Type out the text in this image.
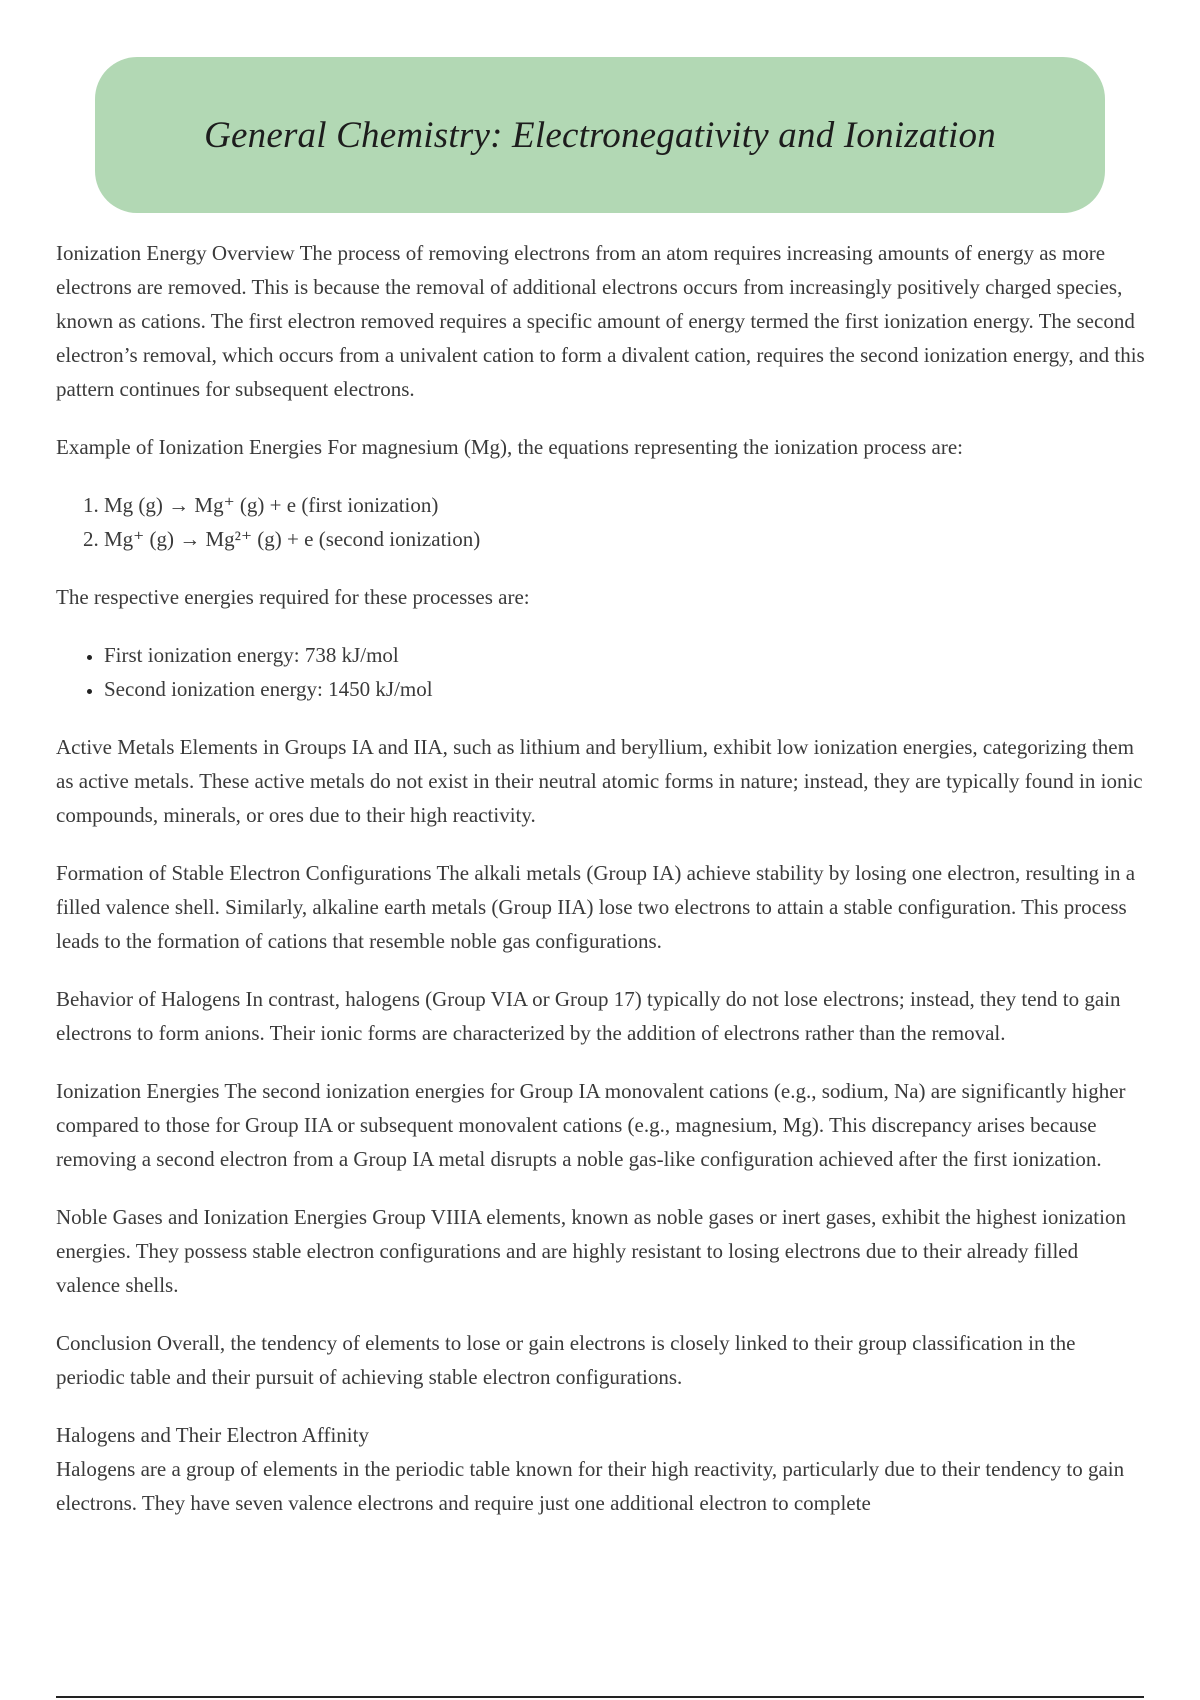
General Chemistry: Electronegativity and Ionization

Ionization Energy Overview The process of removing electrons from an atom requires increasing amounts of energy as more electrons are removed. This is because the removal of additional electrons occurs from increasingly positively charged species, known as cations. The first electron removed requires a specific amount of energy termed the first ionization energy. The second electron’s removal, which occurs from a univalent cation to form a divalent cation, requires the second ionization energy, and this pattern continues for subsequent electrons.

Example of Ionization Energies For magnesium (Mg), the equations representing the ionization process are:

1. Mg (g) → Mg⁺ (g) + e (first ionization)
2. Mg⁺ (g) → Mg²⁺ (g) + e (second ionization)

The respective energies required for these processes are:

• First ionization energy: 738 kJ/mol
• Second ionization energy: 1450 kJ/mol

Active Metals Elements in Groups IA and IIA, such as lithium and beryllium, exhibit low ionization energies, categorizing them as active metals. These active metals do not exist in their neutral atomic forms in nature; instead, they are typically found in ionic compounds, minerals, or ores due to their high reactivity.

Formation of Stable Electron Configurations The alkali metals (Group IA) achieve stability by losing one electron, resulting in a filled valence shell. Similarly, alkaline earth metals (Group IIA) lose two electrons to attain a stable configuration. This process leads to the formation of cations that resemble noble gas configurations.

Behavior of Halogens In contrast, halogens (Group VIA or Group 17) typically do not lose electrons; instead, they tend to gain electrons to form anions. Their ionic forms are characterized by the addition of electrons rather than the removal.

Ionization Energies The second ionization energies for Group IA monovalent cations (e.g., sodium, Na) are significantly higher compared to those for Group IIA or subsequent monovalent cations (e.g., magnesium, Mg). This discrepancy arises because removing a second electron from a Group IA metal disrupts a noble gas-like configuration achieved after the first ionization.

Noble Gases and Ionization Energies Group VIIIA elements, known as noble gases or inert gases, exhibit the highest ionization energies. They possess stable electron configurations and are highly resistant to losing electrons due to their already filled valence shells.

Conclusion Overall, the tendency of elements to lose or gain electrons is closely linked to their group classification in the periodic table and their pursuit of achieving stable electron configurations.

Halogens and Their Electron Affinity

Halogens are a group of elements in the periodic table known for their high reactivity, particularly due to their tendency to gain electrons. They have seven valence electrons and require just one additional electron to complete
